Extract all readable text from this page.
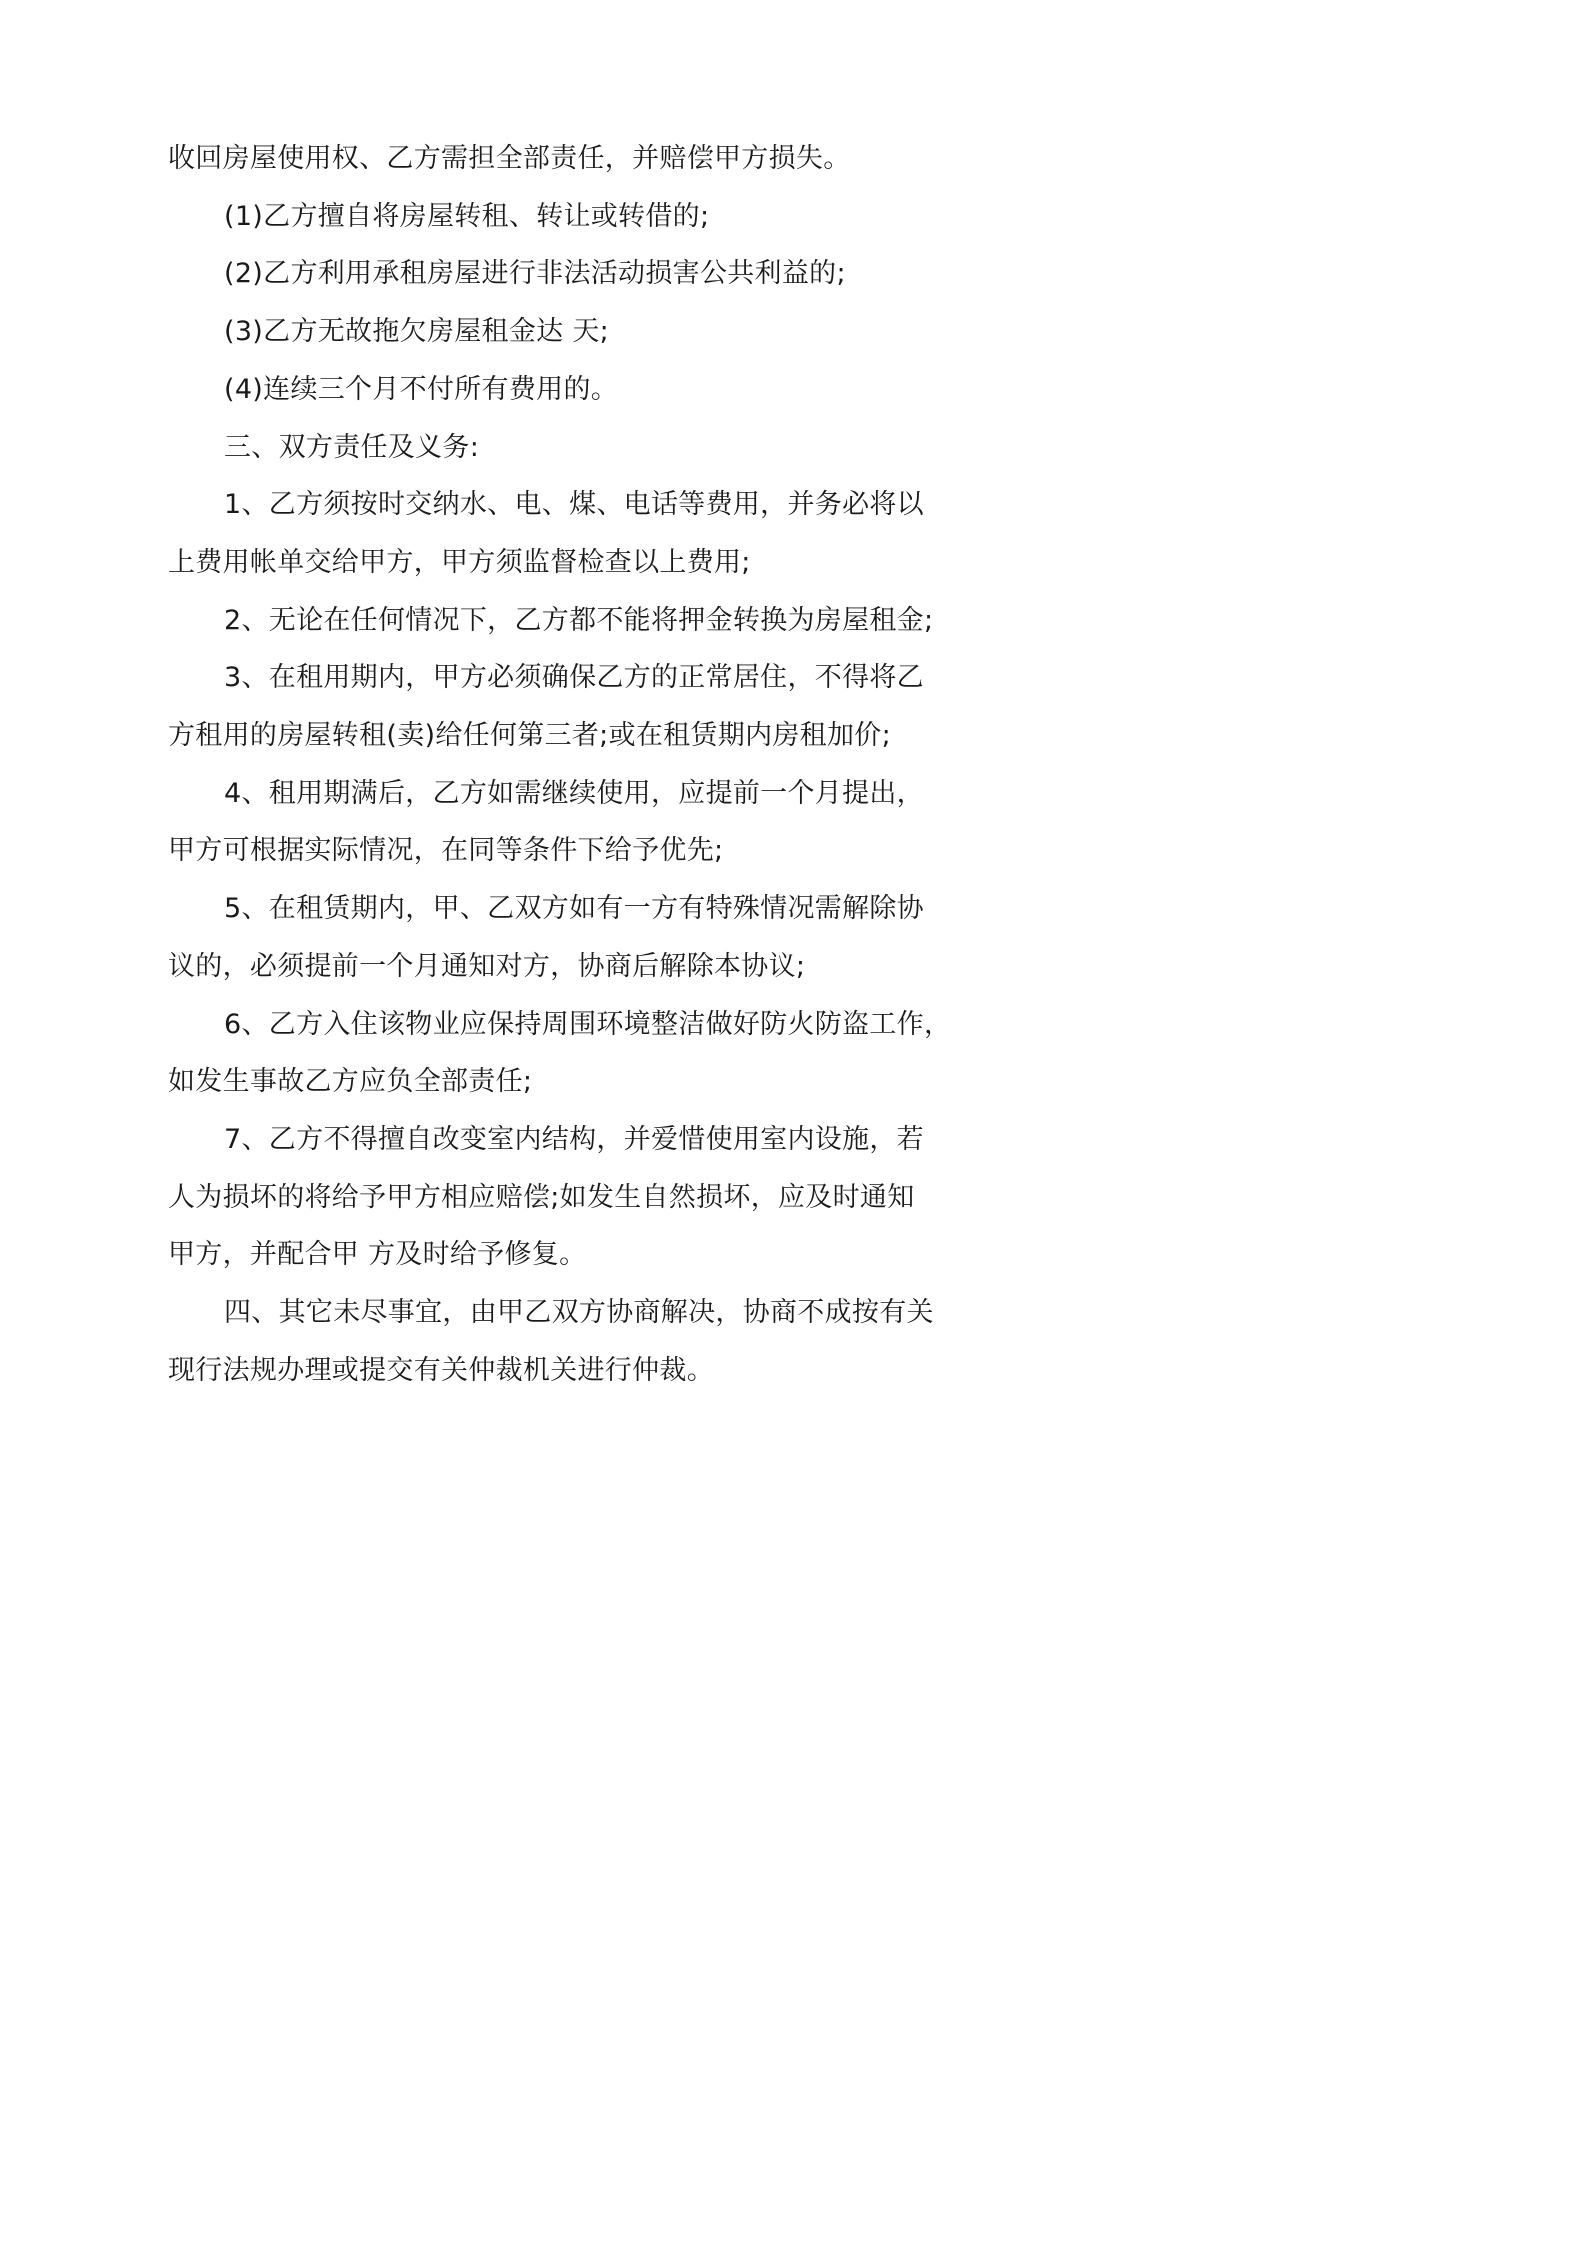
收回房屋使用权、乙方需担全部责任，并赔偿甲方损失。

(1)乙方擅自将房屋转租、转让或转借的;

(2)乙方利用承租房屋进行非法活动损害公共利益的;

(3)乙方无故拖欠房屋租金达 天;

(4)连续三个月不付所有费用的。

三、双方责任及义务:

1、乙方须按时交纳水、电、煤、电话等费用，并务必将以

上费用帐单交给甲方，甲方须监督检查以上费用;

2、无论在任何情况下，乙方都不能将押金转换为房屋租金;

3、在租用期内，甲方必须确保乙方的正常居住，不得将乙

方租用的房屋转租(卖)给任何第三者;或在租赁期内房租加价;

4、租用期满后，乙方如需继续使用，应提前一个月提出，

甲方可根据实际情况，在同等条件下给予优先;

5、在租赁期内，甲、乙双方如有一方有特殊情况需解除协

议的，必须提前一个月通知对方，协商后解除本协议;

6、乙方入住该物业应保持周围环境整洁做好防火防盗工作，

如发生事故乙方应负全部责任;

7、乙方不得擅自改变室内结构，并爱惜使用室内设施，若

人为损坏的将给予甲方相应赔偿;如发生自然损坏，应及时通知

甲方，并配合甲 方及时给予修复。

四、其它未尽事宜，由甲乙双方协商解决，协商不成按有关

现行法规办理或提交有关仲裁机关进行仲裁。
